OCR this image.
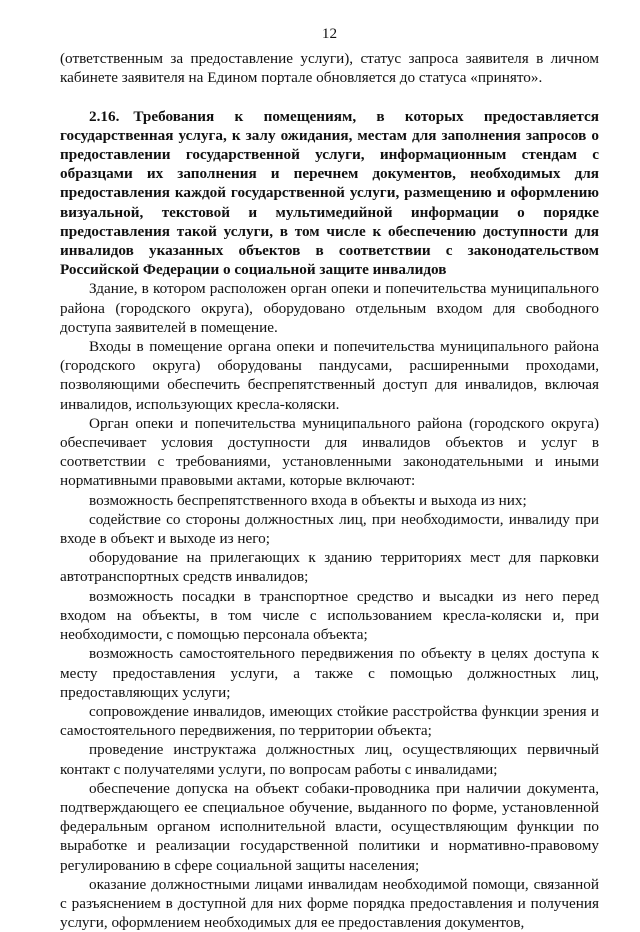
12

(ответственным за предоставление услуги), статус запроса заявителя в личном кабинете заявителя на Едином портале обновляется до статуса «принято».

2.16. Требования к помещениям, в которых предоставляется государственная услуга, к залу ожидания, местам для заполнения запросов о предоставлении государственной услуги, информационным стендам с образцами их заполнения и перечнем документов, необходимых для предоставления каждой государственной услуги, размещению и оформлению визуальной, текстовой и мультимедийной информации о порядке предоставления такой услуги, в том числе к обеспечению доступности для инвалидов указанных объектов в соответствии с законодательством Российской Федерации о социальной защите инвалидов

Здание, в котором расположен орган опеки и попечительства муниципального района (городского округа), оборудовано отдельным входом для свободного доступа заявителей в помещение.

Входы в помещение органа опеки и попечительства муниципального района (городского округа) оборудованы пандусами, расширенными проходами, позволяющими обеспечить беспрепятственный доступ для инвалидов, включая инвалидов, использующих кресла-коляски.

Орган опеки и попечительства муниципального района (городского округа) обеспечивает условия доступности для инвалидов объектов и услуг в соответствии с требованиями, установленными законодательными и иными нормативными правовыми актами, которые включают:

возможность беспрепятственного входа в объекты и выхода из них;

содействие со стороны должностных лиц, при необходимости, инвалиду при входе в объект и выходе из него;

оборудование на прилегающих к зданию территориях мест для парковки автотранспортных средств инвалидов;

возможность посадки в транспортное средство и высадки из него перед входом на объекты, в том числе с использованием кресла-коляски и, при необходимости, с помощью персонала объекта;

возможность самостоятельного передвижения по объекту в целях доступа к месту предоставления услуги, а также с помощью должностных лиц, предоставляющих услуги;

сопровождение инвалидов, имеющих стойкие расстройства функции зрения и самостоятельного передвижения, по территории объекта;

проведение инструктажа должностных лиц, осуществляющих первичный контакт с получателями услуги, по вопросам работы с инвалидами;

обеспечение допуска на объект собаки-проводника при наличии документа, подтверждающего ее специальное обучение, выданного по форме, установленной федеральным органом исполнительной власти, осуществляющим функции по выработке и реализации государственной политики и нормативно-правовому регулированию в сфере социальной защиты населения;

оказание должностными лицами инвалидам необходимой помощи, связанной с разъяснением в доступной для них форме порядка предоставления и получения услуги, оформлением необходимых для ее предоставления документов,
